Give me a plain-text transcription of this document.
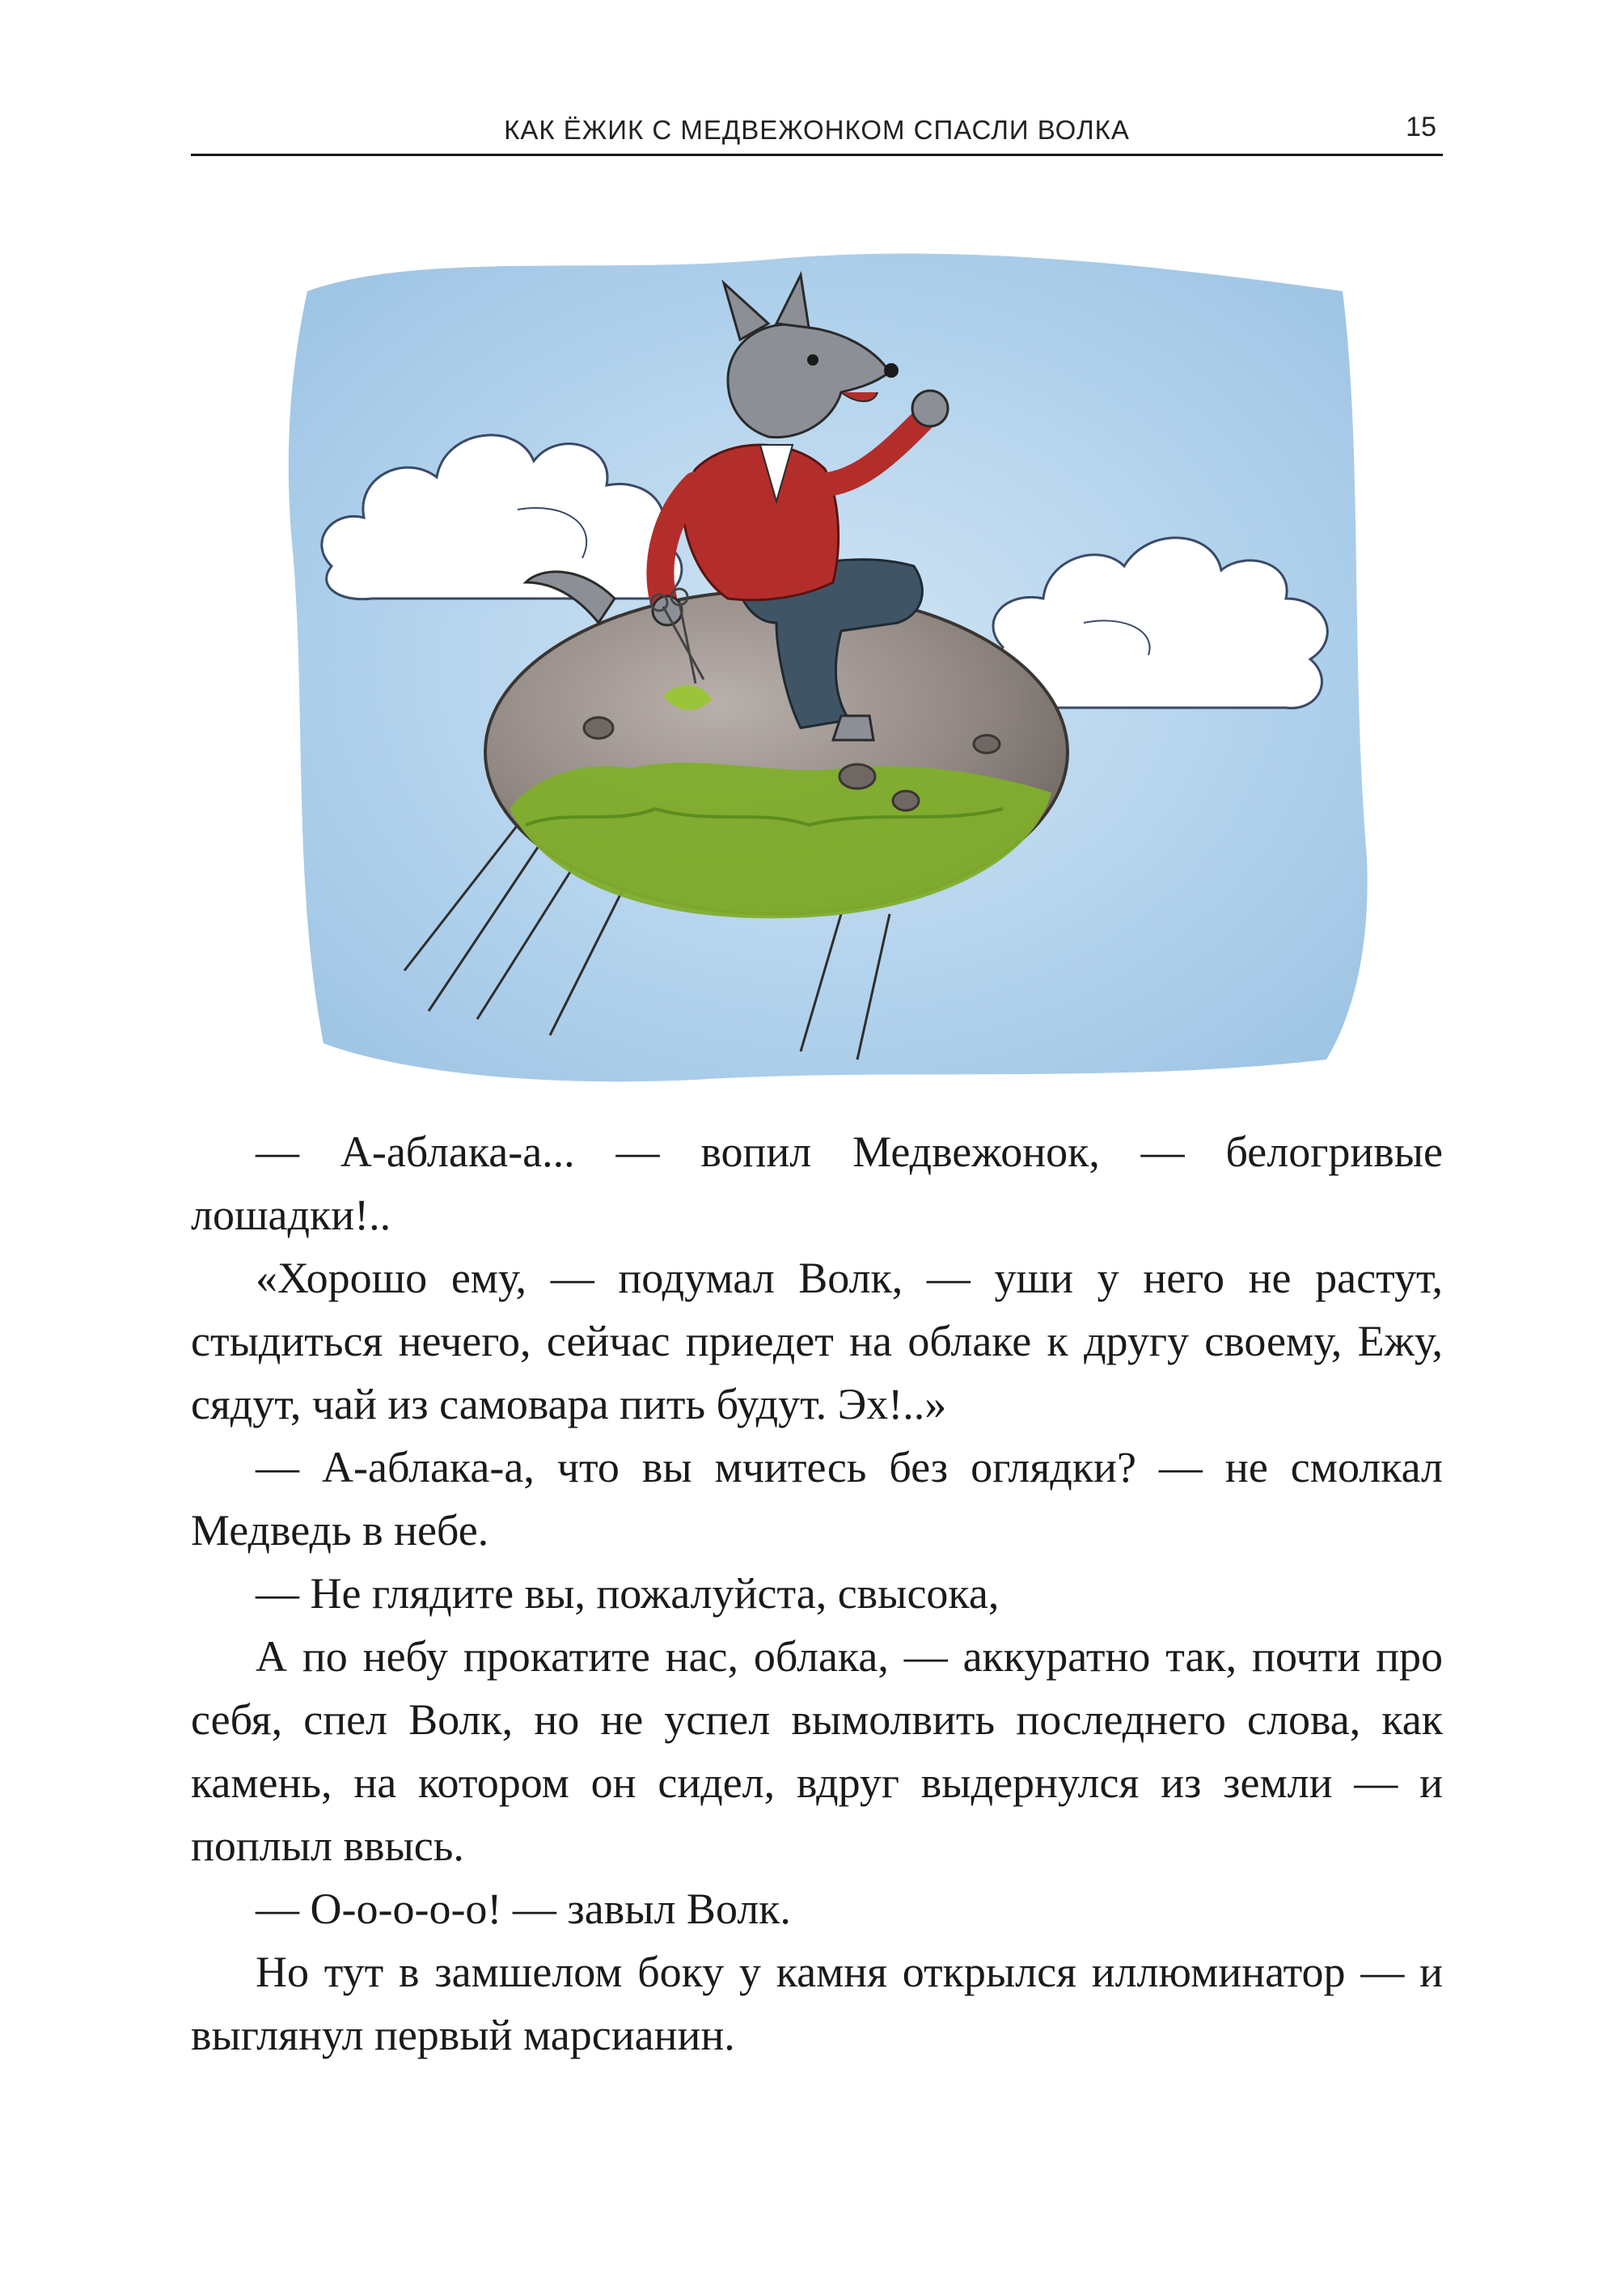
КАК ЁЖИК С МЕДВЕЖОНКОМ СПАСЛИ ВОЛКА	15

— А-аблака-а... — вопил Медвежонок, — белогривые лошадки!..

«Хорошо ему, — подумал Волк, — уши у него не растут, стыдиться нечего, сейчас приедет на облаке к другу своему, Ежу, сядут, чай из самовара пить будут. Эх!..»

— А-аблака-а, что вы мчитесь без оглядки? — не смолкал Медведь в небе.

— Не глядите вы, пожалуйста, свысока,

А по небу прокатите нас, облака, — аккуратно так, почти про себя, спел Волк, но не успел вымолвить последнего слова, как камень, на котором он сидел, вдруг выдернулся из земли — и поплыл ввысь.

— О-о-о-о-о! — завыл Волк.

Но тут в замшелом боку у камня открылся иллюминатор — и выглянул первый марсианин.
